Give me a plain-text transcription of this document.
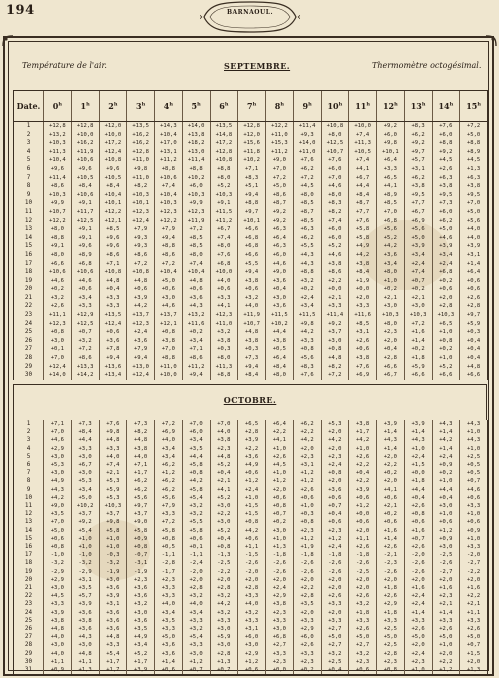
194	BARNAOUL.
Température de l'air.	SEPTEMBRE.	Thermomètre octogésimal.
Date.	0$^h$	1$^h$	2$^h$	3$^h$	4$^h$	5$^h$	6$^h$	7$^h$	8$^h$	9$^h$	10$^h$	11$^h$	12$^h$	13$^h$	14$^h$	15$^h$
1	+12,8	+12,8	+12,0	+13,5	+14,3	+14,0	+13,5	+12,8	+12,2	+11,4	+10,8	+10,0	+9,2	+8,3	+7,6	+7,2
2	+13,2	+10,0	+10,0	+16,2	+10,4	+13,8	+14,8	+12,0	+11,0	+9,3	+8,0	+7,4	+6,0	+6,2	+6,0	+5,0
3	+10,3	+16,2	+17,2	+16,2	+17,0	+18,2	+17,2	+15,6	+15,3	+14,0	+12,5	+11,3	+9,8	+9,2	+8,8	+8,8
4	+11,3	+11,9	+12,4	+12,8	+13,1	+13,0	+12,8	+11,8	+11,2	+11,0	+10,7	+10,5	+10,1	+9,7	+9,2	+8,9
5	+10,4	+10,6	+10,8	+11,0	+11,2	+11,4	+10,8	+10,2	+9,0	+7,6	+7,6	+7,4	+6,4	+5,7	+4,5	+4,5
6	+9,6	+9,6	+9,6	+9,8	+8,8	+8,8	+8,8	+7,1	+7,0	+6,2	+6,0	+4,1	+3,3	+3,1	+2,6	+1,3
7	+11,4	+10,5	+10,5	+11,0	+10,6	+10,2	+8,0	+8,3	+7,2	+7,2	+7,0	+6,7	+6,5	+6,2	+6,3	+6,3
8	+8,6	+8,4	+8,4	+8,2	+7,4	+6,0	+5,2	+5,1	+5,0	+4,5	+4,6	+4,4	+4,1	+3,8	+3,8	+3,8
9	+10,3	+10,6	+10,4	+10,3	+10,4	+10,3	+10,3	+9,4	+8,6	+8,0	+8,0	+8,4	+8,9	+9,5	+9,5	+9,5
10	+9,9	+9,1	+10,1	+10,1	+10,3	+9,9	+9,1	+8,8	+8,7	+8,5	+8,3	+8,7	+8,5	+7,7	+7,3	+7,0
11	+10,7	+11,7	+12,2	+12,3	+12,3	+12,3	+11,5	+9,7	+9,2	+8,7	+8,2	+7,7	+7,0	+6,7	+6,0	+5,0
12	+12,2	+12,5	+12,1	+12,4	+12,2	+11,9	+11,2	+10,1	+9,2	+8,5	+7,4	+7,6	+6,8	+6,9	+6,2	+5,6
13	+8,0	+9,1	+8,5	+7,9	+7,9	+7,2	+6,7	+6,6	+6,3	+6,3	+6,0	+5,8	+5,6	+5,6	+5,0	+4,0
14	+8,8	+9,1	+9,6	+9,3	+9,4	+8,5	+7,4	+6,8	+6,4	+6,2	+6,0	+5,8	+5,2	+5,0	+4,6	+4,0
15	+9,1	+9,6	+9,6	+9,3	+8,8	+8,5	+8,0	+6,8	+6,3	+5,5	+5,2	+4,9	+4,2	+3,9	+3,9	+3,9
16	+8,0	+8,9	+8,6	+8,6	+8,6	+8,0	+7,6	+6,6	+6,0	+4,3	+4,6	+4,2	+3,6	+3,4	+3,4	+3,1
17	+6,6	+6,8	+7,1	+7,2	+7,2	+7,4	+6,8	+5,5	+4,6	+4,3	+3,8	+3,8	+3,4	+2,4	+2,4	+1,4
18	+10,6	+10,6	+10,8	+10,8	+10,4	+10,4	+10,0	+9,4	+9,0	+8,8	+8,6	+8,4	+8,0	+7,4	+6,8	+6,4
19	+4,6	+4,6	+4,8	+4,8	+5,0	+4,8	+4,0	+3,8	+3,6	+3,2	+2,2	+1,9	+1,0	+0,7	+0,2	+0,6
20	+0,2	+0,6	+0,4	+0,6	+0,6	+0,6	+0,6	+0,6	+0,4	+0,2	+0,0	+0,0	+0,2	+0,2	+0,6	+0,6
21	+3,2	+3,4	+3,3	+3,9	+3,0	+3,6	+3,3	+3,2	+3,0	+2,4	+2,1	+2,0	+2,1	+2,1	+2,0	+2,6
22	+2,6	+3,3	+3,3	+4,2	+4,6	+4,3	+4,1	+4,0	+3,6	+3,4	+3,3	+3,3	+3,0	+3,0	+2,8	+2,8
23	+11,1	+12,9	+13,5	+13,7	+13,7	+13,2	+12,3	+11,9	+11,5	+11,5	+11,4	+11,6	+10,3	+10,3	+10,3	+9,7
24	+12,3	+12,5	+12,4	+12,3	+12,1	+11,6	+11,0	+10,7	+10,2	+9,8	+9,2	+8,5	+8,0	+7,2	+6,5	+5,9
25	+0,8	+0,7	+0,6	+2,4	+0,8	+0,2	+3,2	+4,8	+4,4	+4,2	+3,7	+3,1	+2,3	+1,6	+1,0	+0,3
26	+3,0	+3,2	+3,6	+3,6	+3,8	+3,4	+3,8	+3,8	+3,8	+3,3	+3,0	+2,6	+2,0	+1,4	+0,8	+0,4
27	+0,1	+7,2	+7,8	+7,9	+7,0	+7,1	+0,3	+0,3	+0,5	+0,8	+0,8	+0,6	+0,4	+0,2	+0,2	+0,4
28	+7,0	+8,6	+9,4	+9,4	+8,8	+8,6	+8,0	+7,3	+6,4	+5,6	+4,8	+3,8	+2,8	+1,8	+1,0	+0,4
29	+12,4	+13,3	+13,6	+13,0	+11,0	+11,2	+11,3	+9,4	+8,4	+8,3	+8,2	+7,6	+6,6	+5,9	+5,2	+4,8
30	+14,0	+14,2	+13,4	+12,4	+10,0	+9,4	+8,8	+8,4	+8,0	+7,6	+7,2	+6,9	+6,7	+6,6	+6,6	+6,6
OCTOBRE.
1	+7,1	+7,3	+7,6	+7,3	+7,2	+7,0	+7,0	+6,5	+6,4	+6,2	+5,3	+3,8	+3,9	+3,9	+4,3	+4,3
2	+7,0	+8,4	+9,8	+8,2	+6,9	+6,0	+4,0	+2,8	+2,2	+2,2	+2,0	+1,7	+1,4	+1,4	+1,4	+1,0
3	+4,6	+4,4	+4,8	+4,8	+4,0	+3,4	+3,8	+3,9	+4,1	+4,2	+4,2	+4,2	+4,3	+4,3	+4,2	+4,3
4	+2,9	+3,3	+3,3	+3,8	+3,4	+3,5	+2,3	+2,2	+1,0	+2,0	+2,0	+1,0	+1,4	+1,0	+1,4	+1,0
5	+3,0	+3,0	+4,0	+4,0	+3,4	+4,4	+4,8	+3,6	+2,6	+2,3	+2,3	+2,6	+2,0	+2,4	+2,4	+2,5
6	+5,3	+6,7	+7,4	+7,1	+6,2	+5,8	+5,2	+4,9	+4,5	+3,1	+2,4	+2,2	+2,2	+1,5	+0,9	+0,5
7	+3,0	+3,0	+2,1	+1,7	+1,2	+0,8	+0,4	+0,6	+1,0	+1,2	+0,8	+0,4	+0,2	+0,0	+0,2	+0,5
8	+4,9	+5,3	+5,3	+6,2	+6,2	+4,2	+2,1	+1,2	+1,2	+1,2	+2,0	+2,2	+2,0	+1,8	+1,0	+0,7
9	+4,3	+3,4	+5,9	+6,2	+6,2	+5,8	+4,1	+2,4	+2,0	+2,6	+3,6	+3,9	+4,1	+4,4	+4,4	+4,6
10	+4,2	+5,0	+5,3	+5,6	+5,6	+5,4	+5,2	+1,0	+0,6	+0,6	+0,6	+0,6	+0,6	+0,4	+0,4	+0,6
11	+9,0	+10,2	+10,3	+9,7	+7,9	+3,2	+3,0	+1,5	+0,8	+1,0	+0,7	+1,2	+2,1	+2,6	+3,0	+3,3
12	+3,5	+3,7	+3,7	+3,7	+3,3	+3,2	+2,2	+1,5	+0,7	+0,3	+0,4	+0,0	+0,2	+0,8	+1,0	+1,0
13	+7,0	+9,2	+9,8	+9,0	+7,2	+5,5	+3,0	+0,8	+0,2	+0,8	+0,6	+0,6	+0,6	+0,6	+0,6	+0,6
14	+5,0	+5,4	+5,8	+5,8	+5,8	+5,8	+5,2	+4,2	+3,0	+2,3	+2,3	+2,0	+1,6	+1,6	+1,2	+0,9
15	+0,6	+1,0	+1,0	+0,9	+0,8	+0,6	+0,4	+0,6	+1,0	+1,2	+1,2	+1,1	+1,4	+0,7	+0,9	+1,0
16	+0,8	+1,0	+1,0	+0,8	+0,5	+0,1	+0,8	+1,1	+1,3	+1,9	+2,4	+2,6	+2,6	+2,6	+3,0	+3,3
17	-1,0	-1,0	-0,3	-0,7	-1,1	-1,1	-1,3	-1,5	-1,8	-1,8	-1,8	-1,8	-2,1	-2,0	-2,5	-2,0
18	-3,2	-3,2	-3,2	-3,1	-2,8	-2,4	-2,5	-2,6	-2,6	-2,6	-2,6	-2,6	-2,3	-2,6	-2,6	-2,7
19	-2,9	-2,9	-1,9	-1,9	-1,7	-2,0	-2,2	-2,0	-2,6	-2,6	-2,6	-2,5	-2,6	-2,6	-2,7	-2,2
20	+2,9	+3,1	+3,0	+2,3	+2,3	+2,0	+2,0	+2,0	+2,0	+2,0	+2,0	+2,0	+2,0	+2,0	+2,0	+2,0
21	+3,0	+3,5	+3,6	+3,6	+3,3	+2,8	+2,8	+2,8	+2,4	+2,2	+2,0	+2,0	+1,8	+1,6	+1,6	+1,6
22	+4,5	+5,7	+3,9	+3,6	+3,3	+3,2	+3,2	+3,3	+2,9	+2,8	+2,6	+2,6	+2,6	+2,4	+2,3	+2,2
23	+3,3	+3,9	+3,1	+3,2	+4,0	+4,0	+4,2	+4,0	+3,8	+3,5	+3,3	+3,2	+2,9	+2,4	+2,1	+2,1
24	+3,9	+3,6	+3,6	+3,0	+3,4	+3,4	+3,2	+3,2	+2,3	+2,0	+2,0	+1,8	+1,8	+1,4	+1,4	+1,1
25	+3,8	+3,8	+3,6	+3,6	+3,5	+3,3	+3,3	+3,3	+3,3	+3,3	+3,3	+3,3	+3,3	+3,3	+3,3	+3,3
26	+4,8	+3,6	+3,6	+3,5	+3,3	+3,2	+3,0	+3,1	+3,0	+2,9	+2,7	+2,6	+2,5	+2,6	+2,6	+2,6
27	+4,0	+4,3	+4,8	+4,9	+5,0	+5,4	+5,9	+6,0	+6,8	+6,0	+5,0	+5,0	+5,0	+5,0	+5,0	+5,0
28	+3,0	+3,0	+3,3	+3,4	+3,6	+3,3	+3,0	+3,0	+2,7	+2,6	+2,7	+2,7	+2,5	+2,0	+1,0	+0,7
29	+4,0	+4,8	+5,4	+5,2	+3,6	+3,0	+2,8	+2,9	+3,3	+3,3	+3,2	+3,2	+2,8	+2,4	+2,0	+1,5
30	+1,1	+1,1	+1,7	+1,7	+1,4	+1,2	+1,3	+1,2	+2,3	+2,3	+2,5	+2,3	+2,3	+2,3	+2,2	+2,0
31	+0,9	+1,3	+1,7	+3,9	+0,6	+0,7	+0,7	+0,6	+0,0	+0,2	+0,4	+0,6	+0,8	+1,0	+1,2	+1,3
